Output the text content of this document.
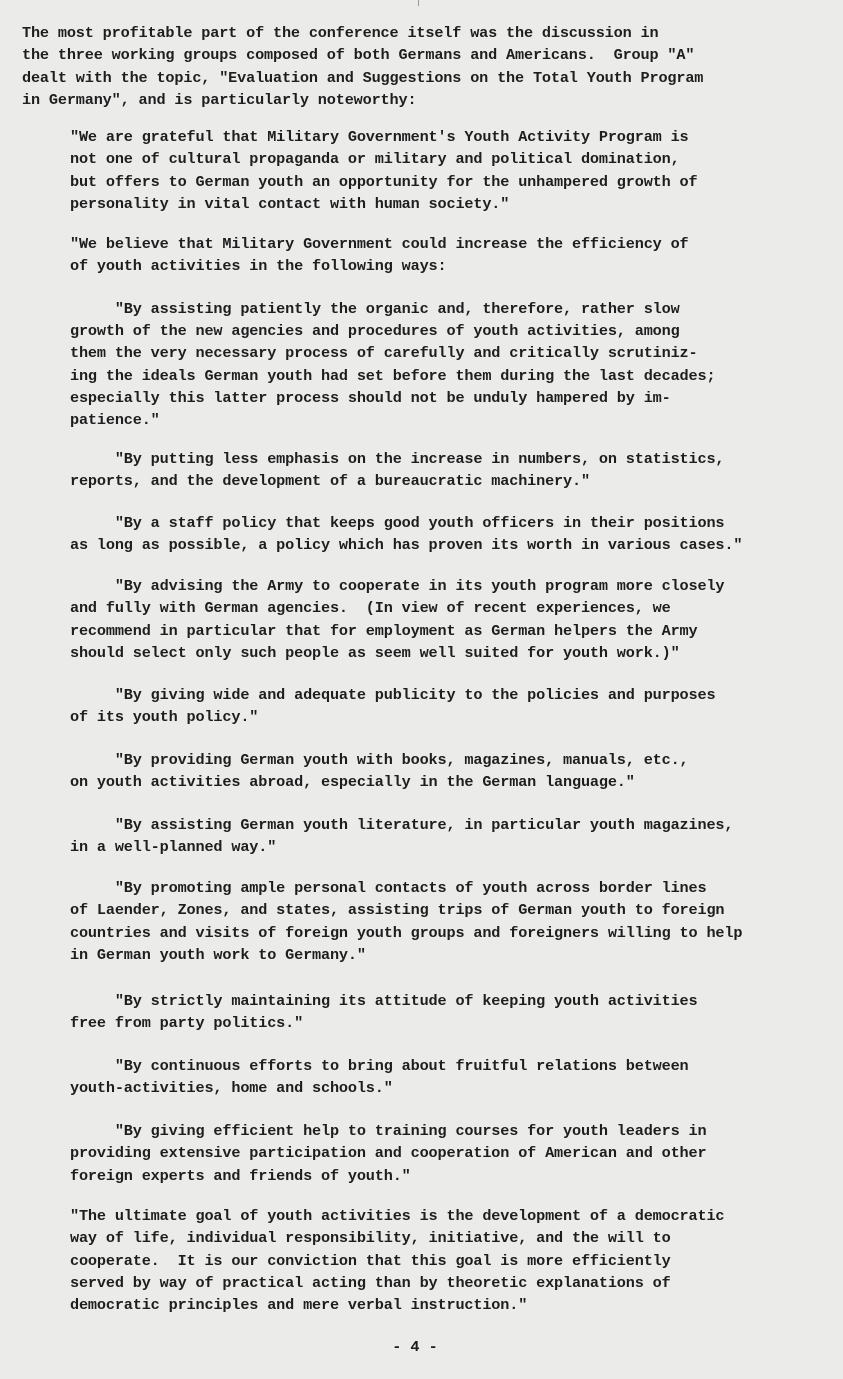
The most profitable part of the conference itself was the discussion in
the three working groups composed of both Germans and Americans.  Group "A"
dealt with the topic, "Evaluation and Suggestions on the Total Youth Program
in Germany", and is particularly noteworthy:

"We are grateful that Military Government's Youth Activity Program is
not one of cultural propaganda or military and political domination,
but offers to German youth an opportunity for the unhampered growth of
personality in vital contact with human society."

"We believe that Military Government could increase the efficiency of
of youth activities in the following ways:

"By assisting patiently the organic and, therefore, rather slow
growth of the new agencies and procedures of youth activities, among
them the very necessary process of carefully and critically scrutiniz-
ing the ideals German youth had set before them during the last decades;
especially this latter process should not be unduly hampered by im-
patience."

"By putting less emphasis on the increase in numbers, on statistics,
reports, and the development of a bureaucratic machinery."

"By a staff policy that keeps good youth officers in their positions
as long as possible, a policy which has proven its worth in various cases."

"By advising the Army to cooperate in its youth program more closely
and fully with German agencies.  (In view of recent experiences, we
recommend in particular that for employment as German helpers the Army
should select only such people as seem well suited for youth work.)"

"By giving wide and adequate publicity to the policies and purposes
of its youth policy."

"By providing German youth with books, magazines, manuals, etc.,
on youth activities abroad, especially in the German language."

"By assisting German youth literature, in particular youth magazines,
in a well-planned way."

"By promoting ample personal contacts of youth across border lines
of Laender, Zones, and states, assisting trips of German youth to foreign
countries and visits of foreign youth groups and foreigners willing to help
in German youth work to Germany."

"By strictly maintaining its attitude of keeping youth activities
free from party politics."

"By continuous efforts to bring about fruitful relations between
youth-activities, home and schools."

"By giving efficient help to training courses for youth leaders in
providing extensive participation and cooperation of American and other
foreign experts and friends of youth."

"The ultimate goal of youth activities is the development of a democratic
way of life, individual responsibility, initiative, and the will to
cooperate.  It is our conviction that this goal is more efficiently
served by way of practical acting than by theoretic explanations of
democratic principles and mere verbal instruction."

- 4 -
